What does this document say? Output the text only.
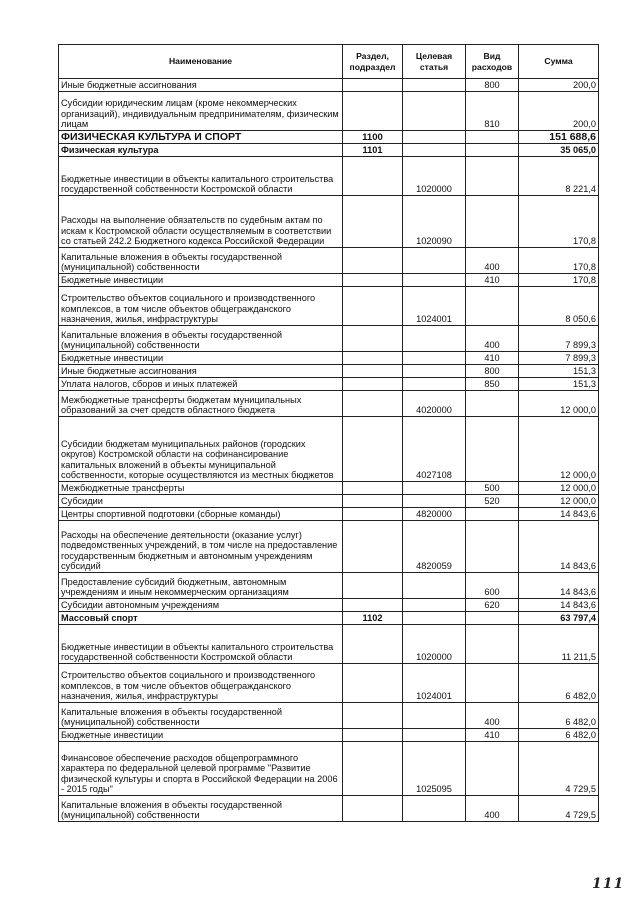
Наименование	Раздел, подраздел	Целевая статья	Вид расходов	Сумма
Иные бюджетные ассигнования			800	200,0
Субсидии юридическим лицам (кроме некоммерческих организаций), индивидуальным предпринимателям, физическим лицам			810	200,0
ФИЗИЧЕСКАЯ КУЛЬТУРА И СПОРТ	1100			151 688,6
Физическая культура	1101			35 065,0
Бюджетные инвестиции в объекты капитального строительства государственной собственности Костромской области		1020000		8 221,4
Расходы на выполнение обязательств по судебным актам по искам к Костромской области осуществляемым в соответствии со статьей 242.2 Бюджетного кодекса Российской Федерации		1020090		170,8
Капитальные вложения в объекты государственной (муниципальной) собственности			400	170,8
Бюджетные инвестиции			410	170,8
Строительство объектов социального и производственного комплексов, в том числе объектов общегражданского назначения, жилья, инфраструктуры		1024001		8 050,6
Капитальные вложения в объекты государственной (муниципальной) собственности			400	7 899,3
Бюджетные инвестиции			410	7 899,3
Иные бюджетные ассигнования			800	151,3
Уплата налогов, сборов и иных платежей			850	151,3
Межбюджетные трансферты бюджетам муниципальных образований за счет средств областного бюджета		4020000		12 000,0
Субсидии бюджетам муниципальных районов (городских округов) Костромской области на софинансирование капитальных вложений в объекты муниципальной собственности, которые осуществляются из местных бюджетов		4027108		12 000,0
Межбюджетные трансферты			500	12 000,0
Субсидии			520	12 000,0
Центры спортивной подготовки (сборные команды)		4820000		14 843,6
Расходы на обеспечение деятельности (оказание услуг) подведомственных учреждений, в том числе на предоставление государственным бюджетным и автономным учреждениям субсидий		4820059		14 843,6
Предоставление субсидий бюджетным, автономным учреждениям и иным некоммерческим организациям			600	14 843,6
Субсидии автономным учреждениям			620	14 843,6
Массовый спорт	1102			63 797,4
Бюджетные инвестиции в объекты капитального строительства государственной собственности Костромской области		1020000		11 211,5
Строительство объектов социального и производственного комплексов, в том числе объектов общегражданского назначения, жилья, инфраструктуры		1024001		6 482,0
Капитальные вложения в объекты государственной (муниципальной) собственности			400	6 482,0
Бюджетные инвестиции			410	6 482,0
Финансовое обеспечение расходов общепрограммного характера по федеральной целевой программе "Развитие физической культуры и спорта в Российской Федерации на 2006 - 2015 годы"		1025095		4 729,5
Капитальные вложения в объекты государственной (муниципальной) собственности			400	4 729,5
111
